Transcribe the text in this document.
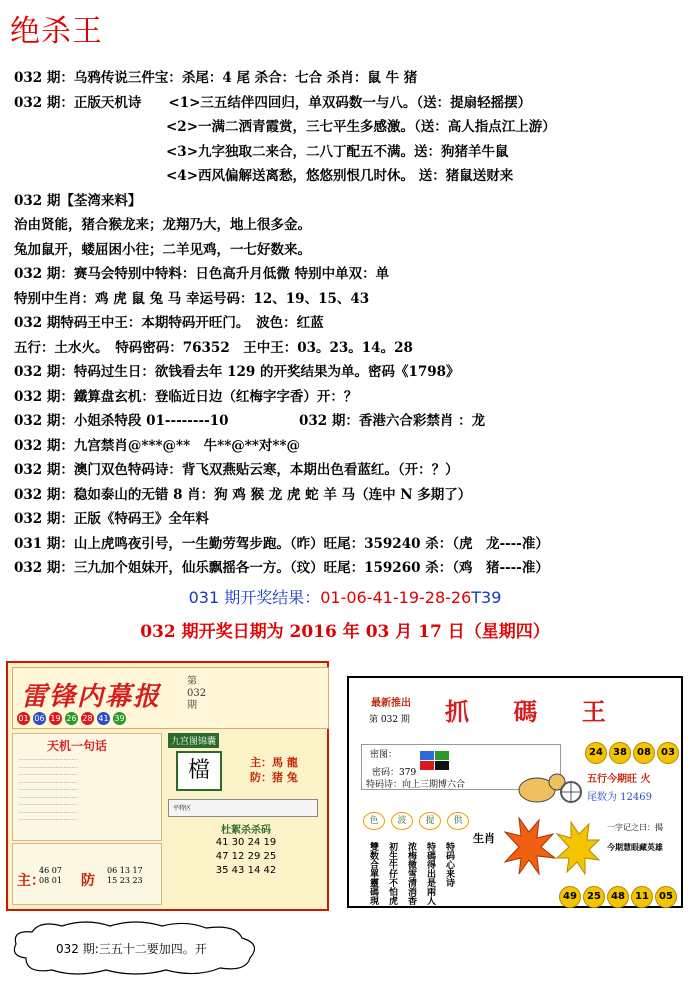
绝杀王
032 期：乌鸦传说三件宝：杀尾：4 尾 杀合：七合 杀肖：鼠 牛 猪
032 期：正版天机诗　　<1>三五结伴四回归，单双码数一与八。（送：提扇轻摇摆）
<2>一满二洒青霞赏，三七平生多感激。（送：高人指点江上游）
<3>九字独取二来合，二八丁配五不满。送：狗猪羊牛鼠
<4>西风偏解送离愁，悠悠别恨几时休。 送：猪鼠送财来
032 期【荃湾来料】
治由贤能，猪合猴龙来；龙翔乃大，地上很多金。
兔加鼠开，蝼屈困小往；二羊见鸡，一七好数来。
032 期：赛马会特别中特料：日色高升月低微 特别中单双：单
特别中生肖：鸡 虎 鼠 兔 马 幸运号码：12、19、15、43
032 期特码王中王：本期特码开旺门。　波色：红蓝
五行：土水火。　特码密码：76352　王中王：03。23。14。28
032 期：特码过生日：欲钱看去年 129 的开奖结果为单。密码《1798》
032 期：鐵算盘玄机：登临近日边（红梅字字香）开：？
032 期：小姐杀特段 01--------10	032 期：香港六合彩禁肖 ：龙
032 期：九宫禁肖@***@**　牛**@**对**@
032 期：澳门双色特码诗：背飞双燕贴云寒，本期出色看蓝红。（开：？）
032 期：稳如泰山的无错 8 肖：狗 鸡 猴 龙 虎 蛇 羊 马（连中 N 多期了）
032 期：正版《特码王》全年料
031 期：山上虎鸣夜引号，一生勤劳驾步跑。（昨）旺尾：359240 杀：（虎　龙----准）
032 期：三九加个姐妹开，仙乐飘摇各一方。（玟）旺尾：159260 杀：（鸡　猪----准）
031 期开奖结果：01-06-41-19-28-26T39
032 期开奖日期为 2016 年 03 月 17 日（星期四）
雷锋内幕报
第032期
01 06 19 26 28 41 39
天机一句话
·····································
·····································
·····································
·····································
·····································
·····································
·····································
·····································
·····································
九宫图锦囊
檔	主：馬 龍
防：猪 兔
平特区
杜絮杀杀码
41 30 24 19
47 12 29 25
35 43 14 42
主：
46 07
08 01 防
06 13 17
15 23 23
最新推出
第 032 期 抓 碼 王
密图：
密码：379
特码诗：向上三期博六合
24	38	08	03
五行今期旺 火
尾数为 12469
色	波	提	供
雙数合單靈碼現 初生牛仔不怕虎 浓梅微雪清消香 特碼得出是兩人 特码心来诗
生肖
一字记之曰：揭
今期慧眼藏英雄
49	25	48	11	05
032 期:三五十二要加四。开
